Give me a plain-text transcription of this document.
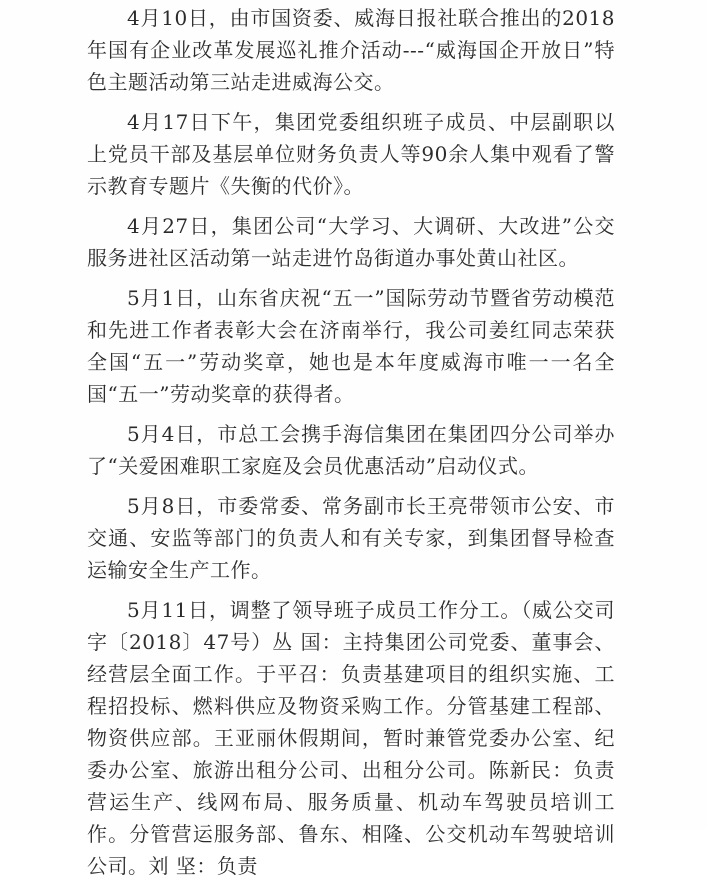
4月10日，由市国资委、威海日报社联合推出的2018年国有企业改革发展巡礼推介活动---“威海国企开放日”特色主题活动第三站走进威海公交。

4月17日下午，集团党委组织班子成员、中层副职以上党员干部及基层单位财务负责人等90余人集中观看了警示教育专题片《失衡的代价》。

4月27日，集团公司“大学习、大调研、大改进”公交服务进社区活动第一站走进竹岛街道办事处黄山社区。

5月1日，山东省庆祝“五一”国际劳动节暨省劳动模范和先进工作者表彰大会在济南举行，我公司姜红同志荣获全国“五一”劳动奖章，她也是本年度威海市唯一一名全国“五一”劳动奖章的获得者。

5月4日，市总工会携手海信集团在集团四分公司举办了“关爱困难职工家庭及会员优惠活动”启动仪式。

5月8日，市委常委、常务副市长王亮带领市公安、市交通、安监等部门的负责人和有关专家，到集团督导检查运输安全生产工作。

5月11日，调整了领导班子成员工作分工。（威公交司字〔2018〕47号）丛 国：主持集团公司党委、董事会、经营层全面工作。于平召：负责基建项目的组织实施、工程招投标、燃料供应及物资采购工作。分管基建工程部、物资供应部。王亚丽休假期间，暂时兼管党委办公室、纪委办公室、旅游出租分公司、出租分公司。陈新民：负责营运生产、线网布局、服务质量、机动车驾驶员培训工作。分管营运服务部、鲁东、相隆、公交机动车驾驶培训公司。刘 坚：负责
